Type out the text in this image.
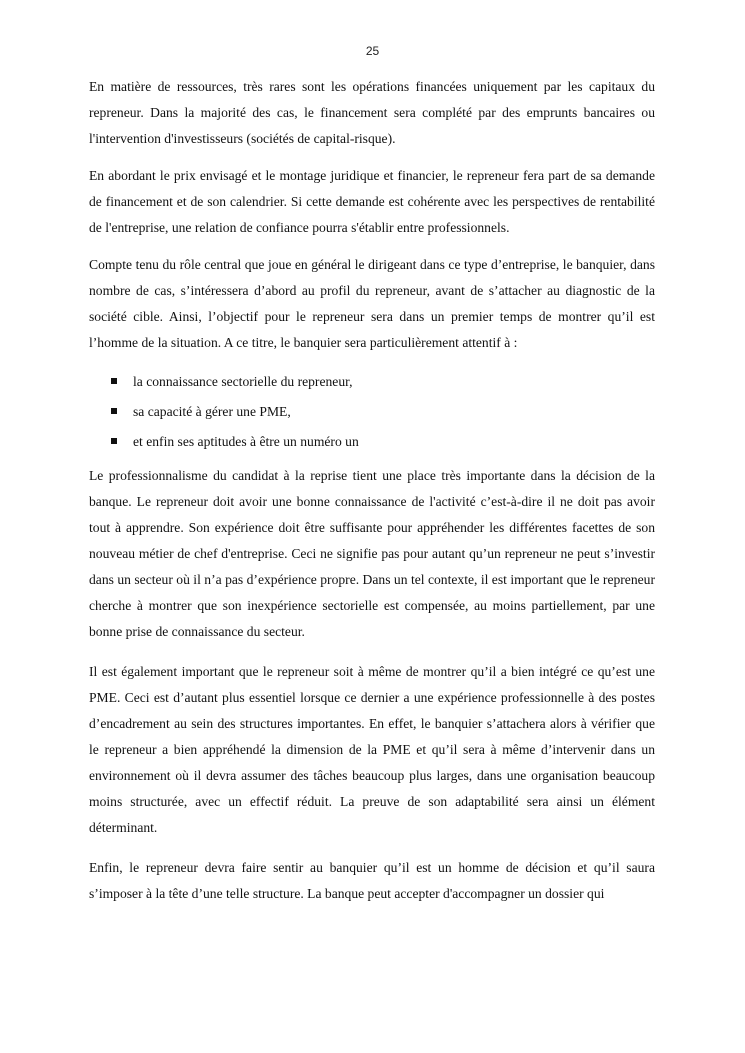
25

En matière de ressources, très rares sont les opérations financées uniquement par les capitaux du repreneur. Dans la majorité des cas, le financement sera complété par des emprunts bancaires ou l'intervention d'investisseurs (sociétés de capital-risque).

En abordant le prix envisagé et le montage juridique et financier, le repreneur fera part de sa demande de financement et de son calendrier. Si cette demande est cohérente avec les perspectives de rentabilité de l'entreprise, une relation de confiance pourra s'établir entre professionnels.

Compte tenu du rôle central que joue en général le dirigeant dans ce type d’entreprise, le banquier, dans nombre de cas, s’intéressera d’abord au profil du repreneur, avant de s’attacher au diagnostic de la société cible. Ainsi, l’objectif pour le repreneur sera dans un premier temps de montrer qu’il est l’homme de la situation. A ce titre, le banquier sera particulièrement attentif à :

la connaissance sectorielle du repreneur,
sa capacité à gérer une PME,
et enfin ses aptitudes à être un numéro un

Le professionnalisme du candidat à la reprise tient une place très importante dans la décision de la banque. Le repreneur doit avoir une bonne connaissance de l'activité c’est-à-dire il ne doit pas avoir tout à apprendre. Son expérience doit être suffisante pour appréhender les différentes facettes de son nouveau métier de chef d'entreprise. Ceci ne signifie pas pour autant qu’un repreneur ne peut s’investir dans un secteur où il n’a pas d’expérience propre. Dans un tel contexte, il est important que le repreneur cherche à montrer que son inexpérience sectorielle est compensée, au moins partiellement, par une bonne prise de connaissance du secteur.

Il est également important que le repreneur soit à même de montrer qu’il a bien intégré ce qu’est une PME. Ceci est d’autant plus essentiel lorsque ce dernier a une expérience professionnelle à des postes d’encadrement au sein des structures importantes. En effet, le banquier s’attachera alors à vérifier que le repreneur a bien appréhendé la dimension de la PME et qu’il sera à même d’intervenir dans un environnement où il devra assumer des tâches beaucoup plus larges, dans une organisation beaucoup moins structurée, avec un effectif réduit. La preuve de son adaptabilité sera ainsi un élément déterminant.

Enfin, le repreneur devra faire sentir au banquier qu’il est un homme de décision et qu’il saura s’imposer à la tête d’une telle structure. La banque peut accepter d'accompagner un dossier qui
